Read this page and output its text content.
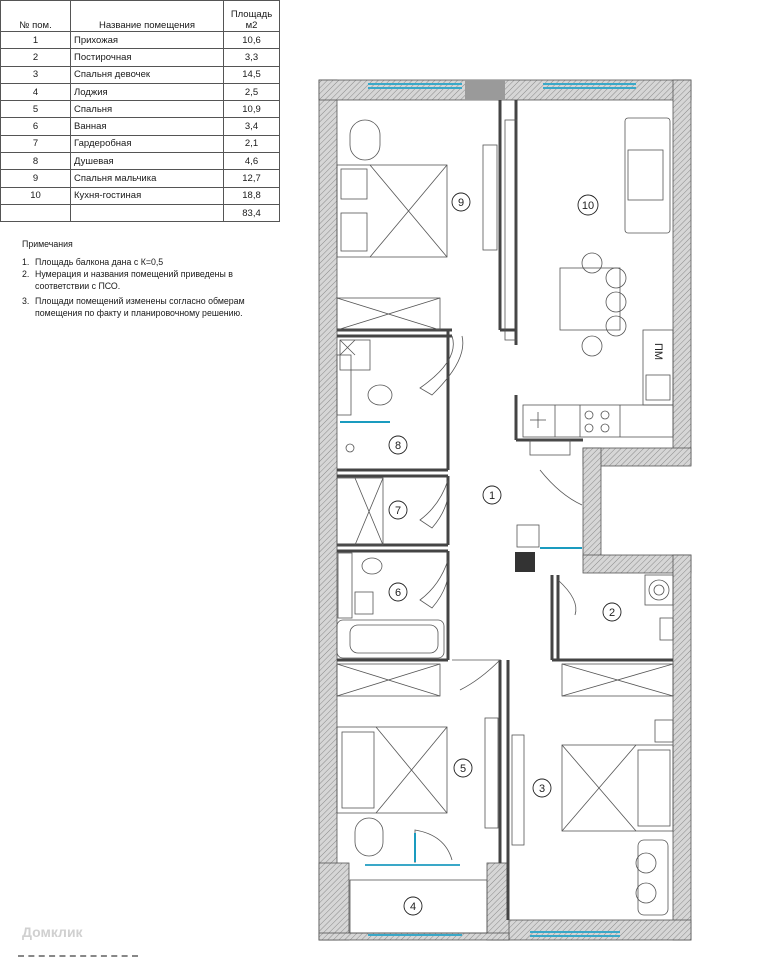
№ пом.	Название помещения	Площадь м2
1	Прихожая	10,6
2	Постирочная	3,3
3	Спальня девочек	14,5
4	Лоджия	2,5
5	Спальня	10,9
6	Ванная	3,4
7	Гардеробная	2,1
8	Душевая	4,6
9	Спальня мальчика	12,7
10	Кухня-гостиная	18,8
		83,4

Примечания

1. Площадь балкона дана с К=0,5
2. Нумерация и названия помещений приведены в соответствии с ПСО.
3. Площади помещений изменены согласно обмерам помещения по факту и планировочному решению.
ПМ
1
2
3
4
5
6
7
8
9	10
Домклик
